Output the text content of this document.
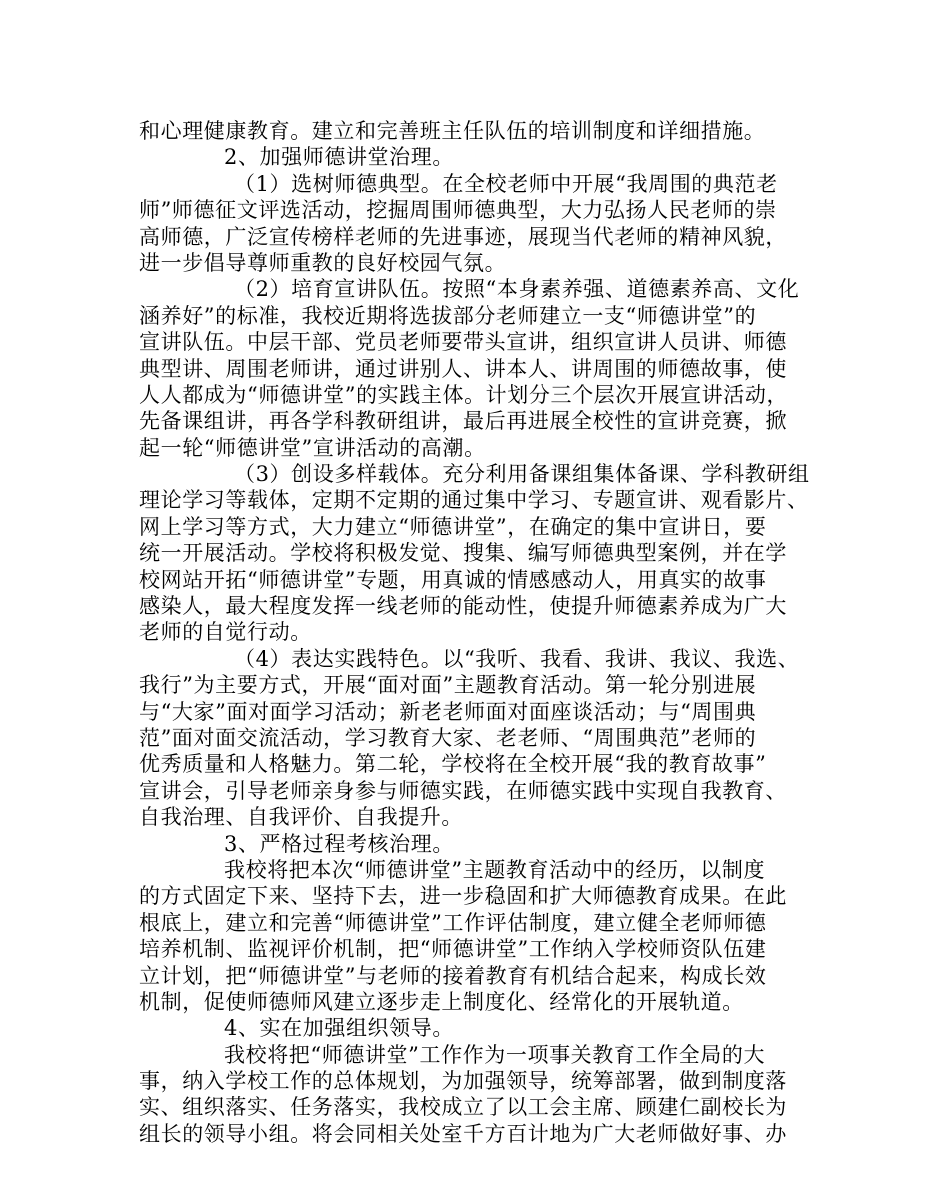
和心理健康教育。建立和完善班主任队伍的培训制度和详细措施。
2、加强师德讲堂治理。
（1）选树师德典型。在全校老师中开展“我周围的典范老
师”师德征文评选活动，挖掘周围师德典型，大力弘扬人民老师的崇
高师德，广泛宣传榜样老师的先进事迹，展现当代老师的精神风貌，
进一步倡导尊师重教的良好校园气氛。
（2）培育宣讲队伍。按照“本身素养强、道德素养高、文化
涵养好”的标准，我校近期将选拔部分老师建立一支“师德讲堂”的
宣讲队伍。中层干部、党员老师要带头宣讲，组织宣讲人员讲、师德
典型讲、周围老师讲，通过讲别人、讲本人、讲周围的师德故事，使
人人都成为“师德讲堂”的实践主体。计划分三个层次开展宣讲活动，
先备课组讲，再各学科教研组讲，最后再进展全校性的宣讲竞赛，掀
起一轮“师德讲堂”宣讲活动的高潮。
（3）创设多样载体。充分利用备课组集体备课、学科教研组
理论学习等载体，定期不定期的通过集中学习、专题宣讲、观看影片、
网上学习等方式，大力建立“师德讲堂”，在确定的集中宣讲日，要
统一开展活动。学校将积极发觉、搜集、编写师德典型案例，并在学
校网站开拓“师德讲堂”专题，用真诚的情感感动人，用真实的故事
感染人，最大程度发挥一线老师的能动性，使提升师德素养成为广大
老师的自觉行动。
（4）表达实践特色。以“我听、我看、我讲、我议、我选、
我行”为主要方式，开展“面对面”主题教育活动。第一轮分别进展
与“大家”面对面学习活动；新老老师面对面座谈活动；与“周围典
范”面对面交流活动，学习教育大家、老老师、“周围典范”老师的
优秀质量和人格魅力。第二轮，学校将在全校开展“我的教育故事”
宣讲会，引导老师亲身参与师德实践，在师德实践中实现自我教育、
自我治理、自我评价、自我提升。
3、严格过程考核治理。
我校将把本次“师德讲堂”主题教育活动中的经历，以制度
的方式固定下来、坚持下去，进一步稳固和扩大师德教育成果。在此
根底上，建立和完善“师德讲堂”工作评估制度，建立健全老师师德
培养机制、监视评价机制，把“师德讲堂”工作纳入学校师资队伍建
立计划，把“师德讲堂”与老师的接着教育有机结合起来，构成长效
机制，促使师德师风建立逐步走上制度化、经常化的开展轨道。
4、实在加强组织领导。
我校将把“师德讲堂”工作作为一项事关教育工作全局的大
事，纳入学校工作的总体规划，为加强领导，统筹部署，做到制度落
实、组织落实、任务落实，我校成立了以工会主席、顾建仁副校长为
组长的领导小组。将会同相关处室千方百计地为广大老师做好事、办
